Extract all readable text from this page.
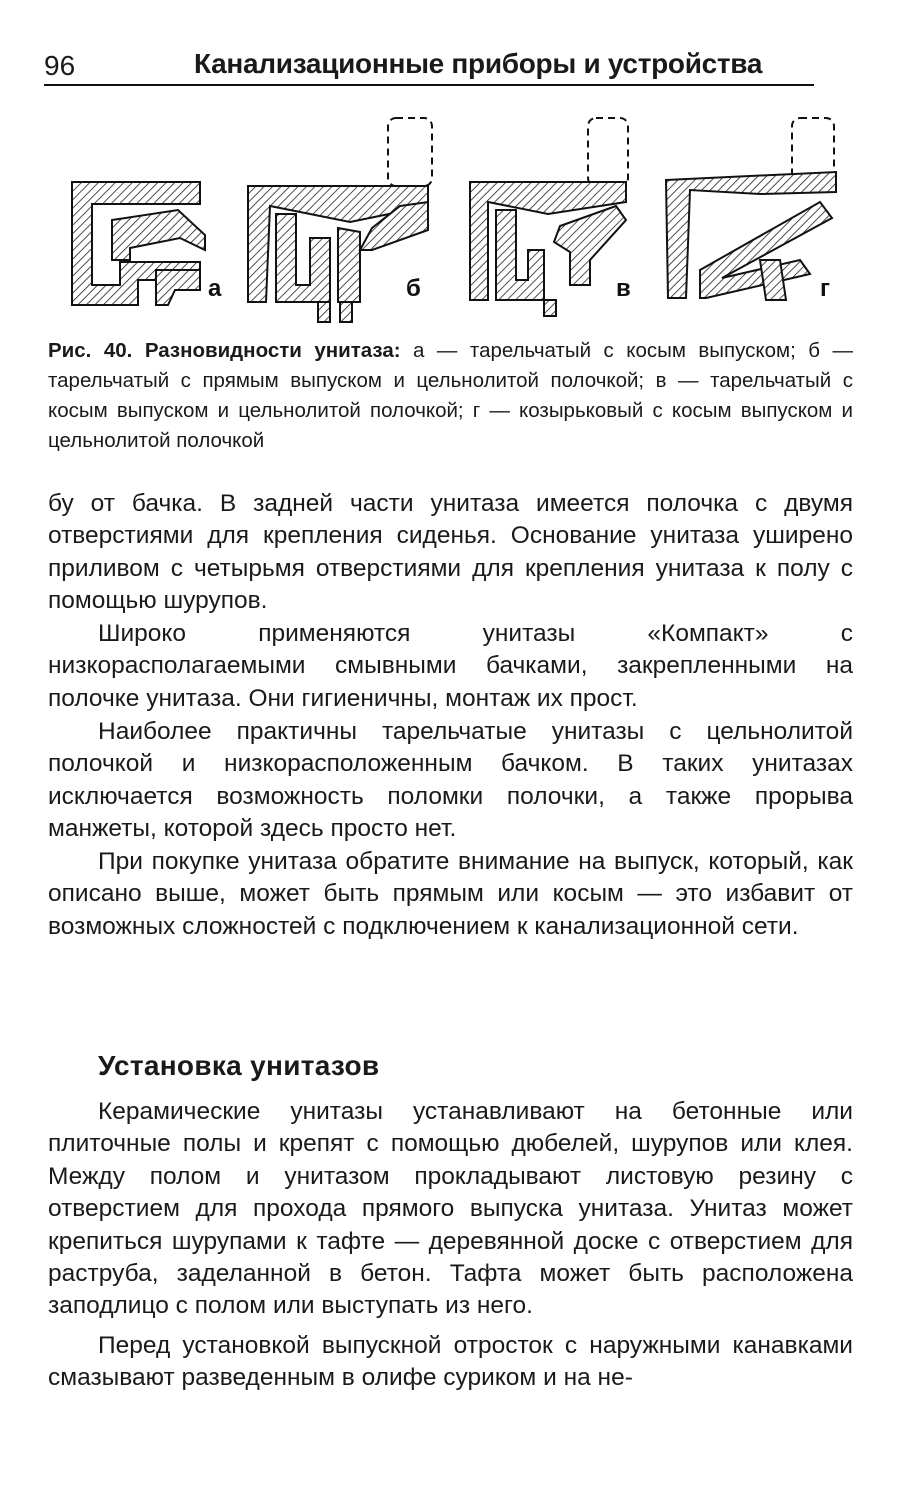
96	Канализационные приборы и устройства
а	б	в	г
Рис. 40. Разновидности унитаза: а — тарельчатый с косым выпуском; б — тарельчатый с прямым выпуском и цельнолитой полочкой; в — тарельчатый с косым выпуском и цельнолитой полочкой; г — козырьковый с косым выпуском и цельнолитой полочкой

бу от бачка. В задней части унитаза имеется полочка с двумя отверстиями для крепления сиденья. Основание унитаза уширено приливом с четырьмя отверстиями для крепления унитаза к полу с помощью шурупов.

Широко применяются унитазы «Компакт» с низкорасполагаемыми смывными бачками, закрепленными на полочке унитаза. Они гигиеничны, монтаж их прост.

Наиболее практичны тарельчатые унитазы с цельнолитой полочкой и низкорасположенным бачком. В таких унитазах исключается возможность поломки полочки, а также прорыва манжеты, которой здесь просто нет.

При покупке унитаза обратите внимание на выпуск, который, как описано выше, может быть прямым или косым — это избавит от возможных сложностей с подключением к канализационной сети.

Установка унитазов

Керамические унитазы устанавливают на бетонные или плиточные полы и крепят с помощью дюбелей, шурупов или клея. Между полом и унитазом прокладывают листовую резину с отверстием для прохода прямого выпуска унитаза. Унитаз может крепиться шурупами к тафте — деревянной доске с отверстием для раструба, заделанной в бетон. Тафта может быть расположена заподлицо с полом или выступать из него.

Перед установкой выпускной отросток с наружными канавками смазывают разведенным в олифе суриком и на не-
